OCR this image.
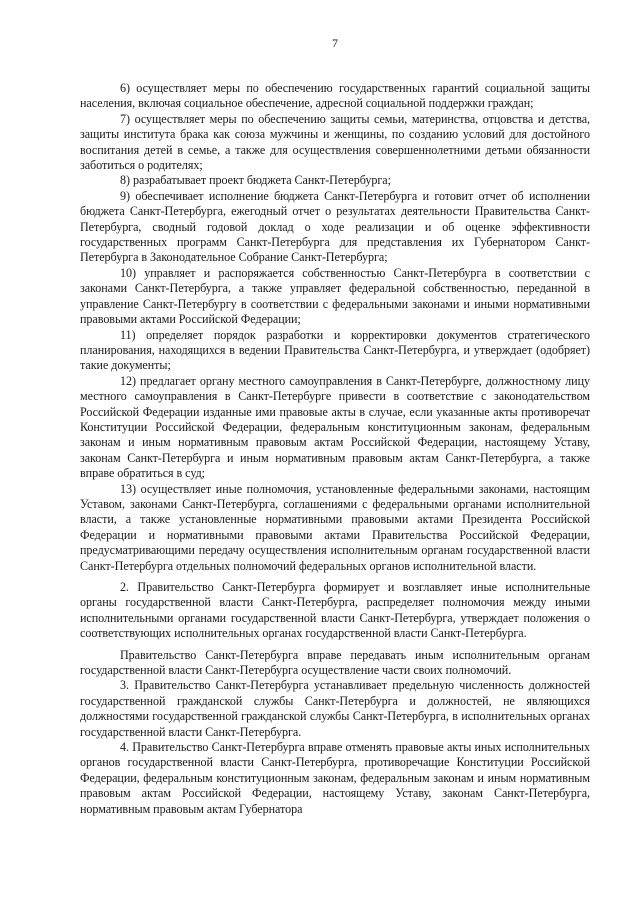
7

6) осуществляет меры по обеспечению государственных гарантий социальной защиты населения, включая социальное обеспечение, адресной социальной поддержки граждан;

7) осуществляет меры по обеспечению защиты семьи, материнства, отцовства и детства, защиты института брака как союза мужчины и женщины, по созданию условий для достойного воспитания детей в семье, а также для осуществления совершеннолетними детьми обязанности заботиться о родителях;

8) разрабатывает проект бюджета Санкт-Петербурга;

9) обеспечивает исполнение бюджета Санкт-Петербурга и готовит отчет об исполнении бюджета Санкт-Петербурга, ежегодный отчет о результатах деятельности Правительства Санкт-Петербурга, сводный годовой доклад о ходе реализации и об оценке эффективности государственных программ Санкт-Петербурга для представления их Губернатором Санкт-Петербурга в Законодательное Собрание Санкт-Петербурга;

10) управляет и распоряжается собственностью Санкт-Петербурга в соответствии с законами Санкт-Петербурга, а также управляет федеральной собственностью, переданной в управление Санкт-Петербургу в соответствии с федеральными законами и иными нормативными правовыми актами Российской Федерации;

11) определяет порядок разработки и корректировки документов стратегического планирования, находящихся в ведении Правительства Санкт-Петербурга, и утверждает (одобряет) такие документы;

12) предлагает органу местного самоуправления в Санкт-Петербурге, должностному лицу местного самоуправления в Санкт-Петербурге привести в соответствие с законодательством Российской Федерации изданные ими правовые акты в случае, если указанные акты противоречат Конституции Российской Федерации, федеральным конституционным законам, федеральным законам и иным нормативным правовым актам Российской Федерации, настоящему Уставу, законам Санкт-Петербурга и иным нормативным правовым актам Санкт-Петербурга, а также вправе обратиться в суд;

13) осуществляет иные полномочия, установленные федеральными законами, настоящим Уставом, законами Санкт-Петербурга, соглашениями с федеральными органами исполнительной власти, а также установленные нормативными правовыми актами Президента Российской Федерации и нормативными правовыми актами Правительства Российской Федерации, предусматривающими передачу осуществления исполнительным органам государственной власти Санкт-Петербурга отдельных полномочий федеральных органов исполнительной власти.

2. Правительство Санкт-Петербурга формирует и возглавляет иные исполнительные органы государственной власти Санкт-Петербурга, распределяет полномочия между иными исполнительными органами государственной власти Санкт-Петербурга, утверждает положения о соответствующих исполнительных органах государственной власти Санкт-Петербурга.

Правительство Санкт-Петербурга вправе передавать иным исполнительным органам государственной власти Санкт-Петербурга осуществление части своих полномочий.

3. Правительство Санкт-Петербурга устанавливает предельную численность должностей государственной гражданской службы Санкт-Петербурга и должностей, не являющихся должностями государственной гражданской службы Санкт-Петербурга, в исполнительных органах государственной власти Санкт-Петербурга.

4. Правительство Санкт-Петербурга вправе отменять правовые акты иных исполнительных органов государственной власти Санкт-Петербурга, противоречащие Конституции Российской Федерации, федеральным конституционным законам, федеральным законам и иным нормативным правовым актам Российской Федерации, настоящему Уставу, законам Санкт-Петербурга, нормативным правовым актам Губернатора
